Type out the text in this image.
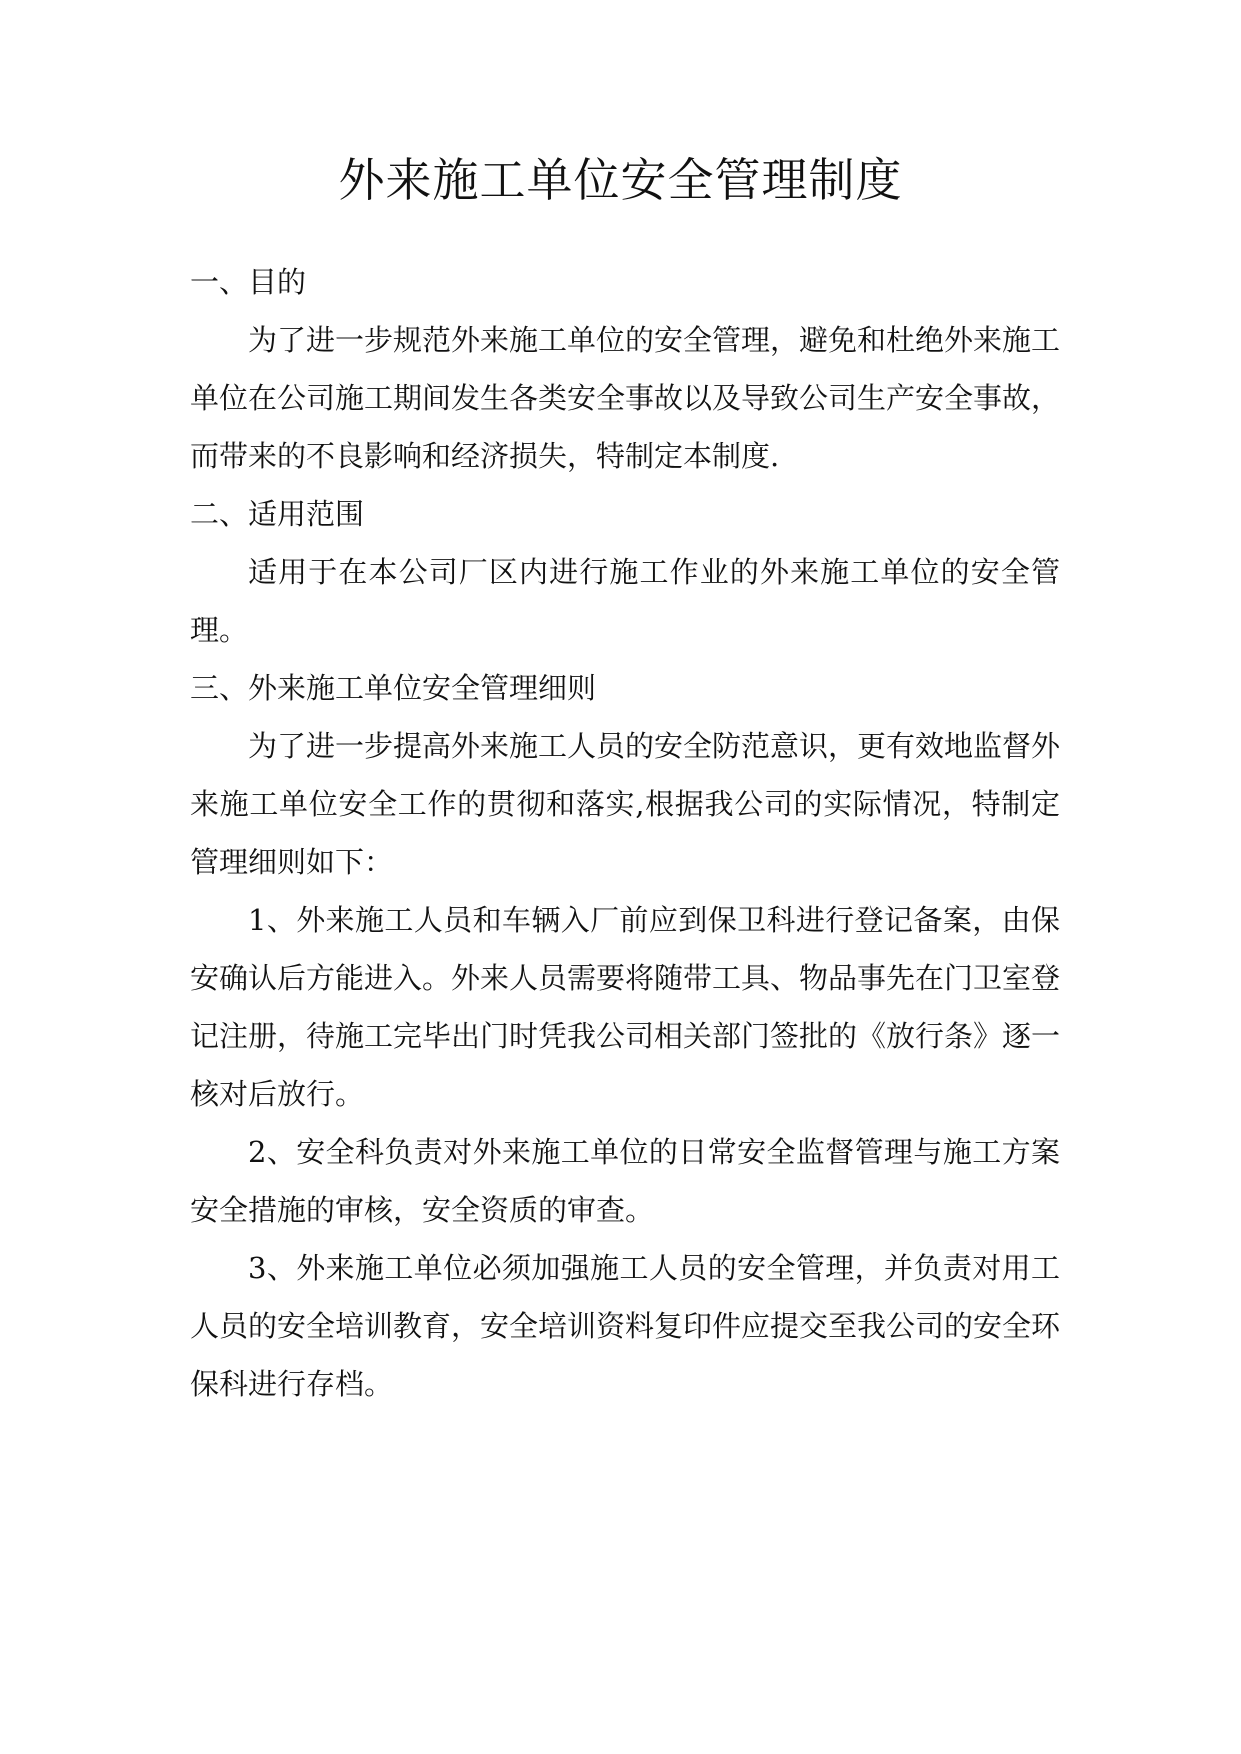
外来施工单位安全管理制度

一、目的

为了进一步规范外来施工单位的安全管理，避免和杜绝外来施工

单位在公司施工期间发生各类安全事故以及导致公司生产安全事故，

而带来的不良影响和经济损失，特制定本制度.

二、适用范围

适用于在本公司厂区内进行施工作业的外来施工单位的安全管

理。

三、外来施工单位安全管理细则

为了进一步提高外来施工人员的安全防范意识，更有效地监督外

来施工单位安全工作的贯彻和落实,根据我公司的实际情况，特制定

管理细则如下：

1、外来施工人员和车辆入厂前应到保卫科进行登记备案，由保

安确认后方能进入。外来人员需要将随带工具、物品事先在门卫室登

记注册，待施工完毕出门时凭我公司相关部门签批的《放行条》逐一

核对后放行。

2、安全科负责对外来施工单位的日常安全监督管理与施工方案

安全措施的审核，安全资质的审查。

3、外来施工单位必须加强施工人员的安全管理，并负责对用工

人员的安全培训教育，安全培训资料复印件应提交至我公司的安全环

保科进行存档。
